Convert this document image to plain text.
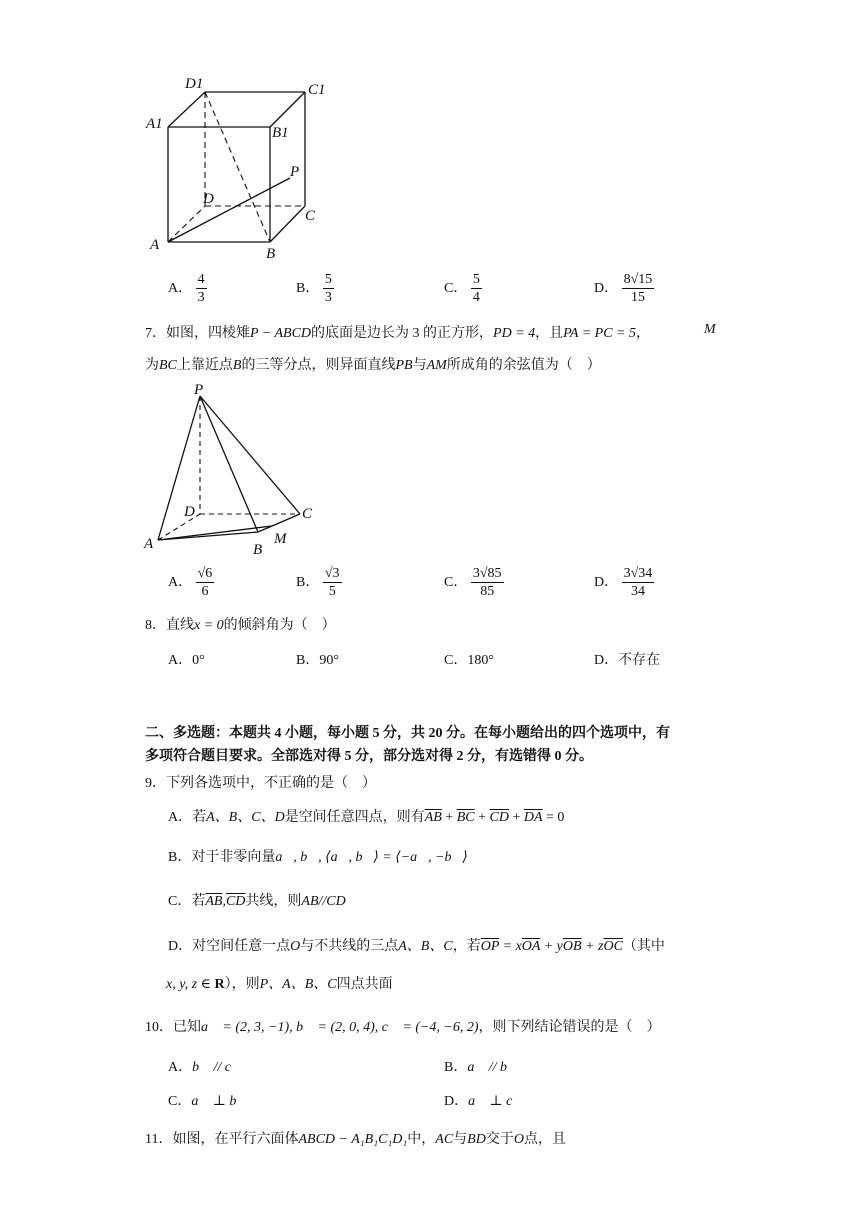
D1	C1
A1
B1
P
D
C
A
B
A． $\frac{4}{3}$	B． $\frac{5}{3}$	C． $\frac{5}{4}$	D． $\frac{8√15}{15}$
7．如图，四棱雉P − ABCD的底面是边长为 3 的正方形，PD = 4，且PA = PC = 5，	M
为BC上靠近点B的三等分点，则异面直线PB与AM所成角的余弦值为（　）
P
D	C
A	B
M
A． $\frac{√6}{6}$	B． $\frac{√3}{5}$	C． $\frac{3√85}{85}$	D． $\frac{3√34}{34}$
8．直线x = 0的倾斜角为（　）
A．0°	B．90°	C．180°	D．不存在
二、多选题：本题共 4 小题，每小题 5 分，共 20 分。在每小题给出的四个选项中，有
多项符合题目要求。全部选对得 5 分，部分选对得 2 分，有选错得 0 分。
9．下列各选项中，不正确的是（　）
A．若A、B、C、D是空间任意四点，则有$\overline{AB} + \overline{BC} + \overline{CD} + \overline{DA} = 0$
B．对于非零向量a⃗, b⃗, ⟨a⃗, b⃗⟩ = ⟨−a⃗, −b⃗⟩
C．若$\overline{AB},\overline{CD}$共线，则AB//CD
D．对空间任意一点O与不共线的三点A、B、C，若$\overline{OP} = x\overline{OA} + y\overline{OB} + z\overline{OC}$（其中
x, y, z ∈ R），则P、A、B、C四点共面
10．已知a⃗ = (2, 3, −1), b⃗ = (2, 0, 4), c⃗ = (−4, −6, 2)，则下列结论错误的是（　）
A．b⃗ // c⃗	B．a⃗ // b⃗
C．a⃗ ⊥ b⃗	D．a⃗ ⊥ c⃗
11．如图，在平行六面体ABCD − A₁B₁C₁D₁中，AC与BD交于O点，且
